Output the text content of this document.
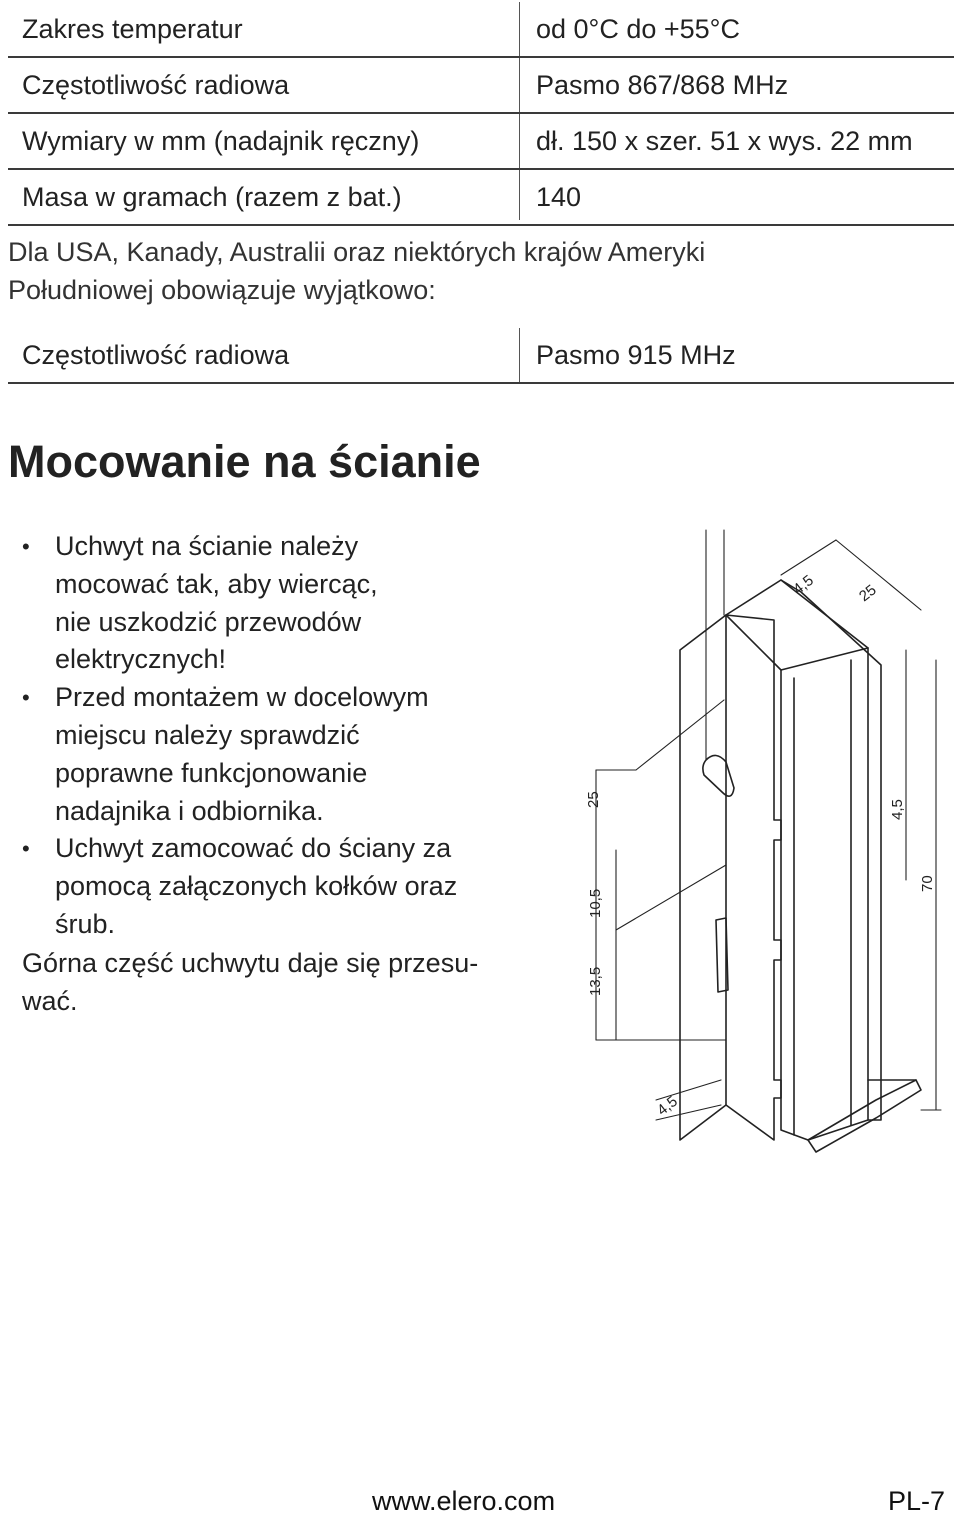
Zakres temperatur	od 0°C do +55°C
Częstotliwość radiowa	Pasmo 867/868 MHz
Wymiary w mm (nadajnik ręczny)	dł. 150 x szer. 51 x wys. 22 mm
Masa w gramach (razem z bat.)	140
Dla USA, Kanady, Australii oraz niektórych krajów Ameryki
Południowej obowiązuje wyjątkowo:
Częstotliwość radiowa	Pasmo 915 MHz
Mocowanie na ścianie
• Uchwyt na ścianie należy
mocować tak, aby wiercąc,
nie uszkodzić przewodów
elektrycznych!
• Przed montażem w docelowym
miejscu należy sprawdzić
poprawne funkcjonowanie
nadajnika i odbiornika.
• Uchwyt zamocować do ściany za
pomocą załączonych kołków oraz
śrub.
Górna część uchwytu daje się przesu-
wać.
4,5	25
25	4,5
70
10,5
13,5
4,5
www.elero.com	PL-7
